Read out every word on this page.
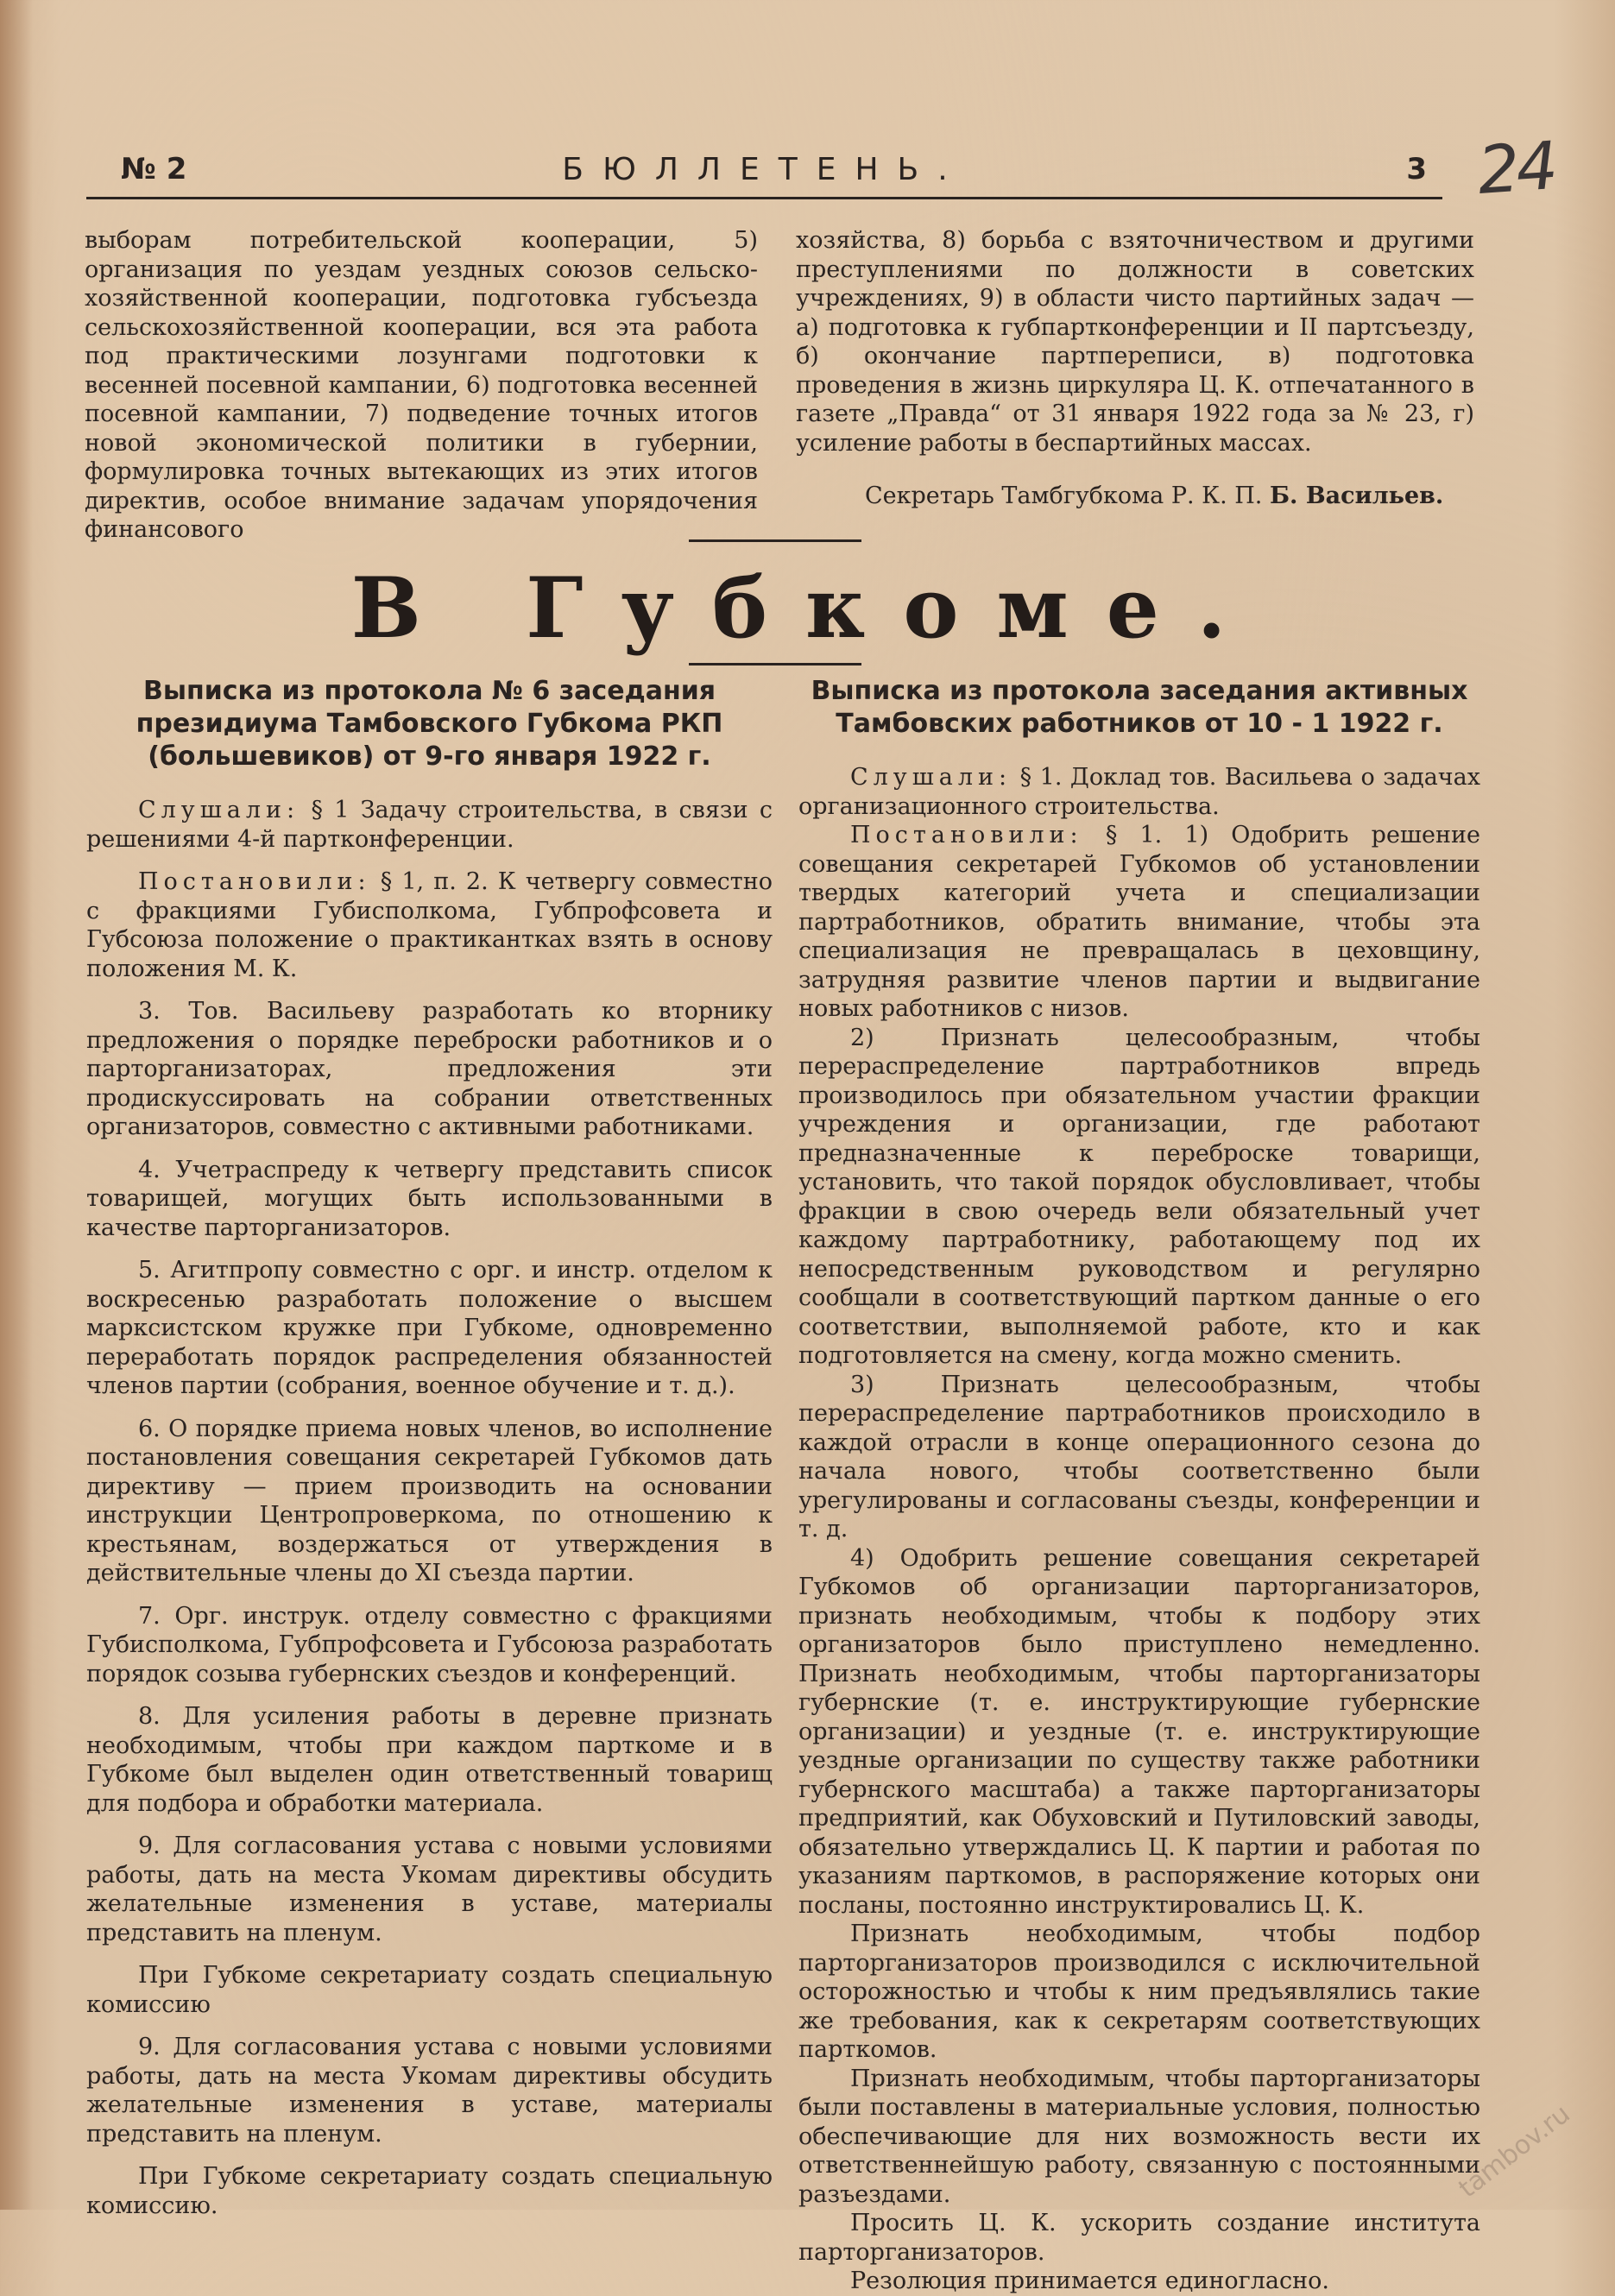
24
№ 2	БЮЛЛЕТЕНЬ.	3

выборам потребительской кооперации, 5) организация по уездам уездных союзов сельско-хозяйственной кооперации, подготовка губсъезда сельскохозяйственной кооперации, вся эта работа под практическими лозунгами подготовки к весенней посевной кампании, 6) подготовка весенней посевной кампании, 7) подведение точных итогов новой экономической политики в губернии, формулировка точных вытекающих из этих итогов директив, особое внимание задачам упорядочения финансового

хозяйства, 8) борьба с взяточничеством и другими преступлениями по должности в советских учреждениях, 9) в области чисто партийных задач — а) подготовка к губпартконференции и II партсъезду, б) окончание партпереписи, в) подготовка проведения в жизнь циркуляра Ц. К. отпечатанного в газете „Правда“ от 31 января 1922 года за № 23, г) усиление работы в беспартийных массах.

Секретарь Тамбгубкома Р. К. П. Б. Васильев.

В Губкоме.

Выписка из протокола № 6 заседания президиума Тамбовского Губкома РКП (большевиков) от 9-го января 1922 г.

Слушали: § 1 Задачу строительства, в связи с решениями 4-й партконференции.

Постановили: § 1, п. 2. К четвергу совместно с фракциями Губисполкома, Губпрофсовета и Губсоюза положение о практикантках взять в основу положения М. К.

3. Тов. Васильеву разработать ко вторнику предложения о порядке переброски работников и о парторганизаторах, предложения эти продискуссировать на собрании ответственных организаторов, совместно с активными работниками.

4. Учетраспреду к четвергу представить список товарищей, могущих быть использованными в качестве парторганизаторов.

5. Агитпропу совместно с орг. и инстр. отделом к воскресенью разработать положение о высшем марксистском кружке при Губкоме, одновременно переработать порядок распределения обязанностей членов партии (собрания, военное обучение и т. д.).

6. О порядке приема новых членов, во исполнение постановления совещания секретарей Губкомов дать директиву — прием производить на основании инструкции Центропроверкома, по отношению к крестьянам, воздержаться от утверждения в действительные члены до XI съезда партии.

7. Орг. инструк. отделу совместно с фракциями Губисполкома, Губпрофсовета и Губсоюза разработать порядок созыва губернских съездов и конференций.

8. Для усиления работы в деревне признать необходимым, чтобы при каждом парткоме и в Губкоме был выделен один ответственный товарищ для подбора и обработки материала.

9. Для согласования устава с новыми условиями работы, дать на места Укомам директивы обсудить желательные изменения в уставе, материалы представить на пленум.

При Губкоме секретариату создать специальную комиссию

9. Для согласования устава с новыми условиями работы, дать на места Укомам директивы обсудить желательные изменения в уставе, материалы представить на пленум.

При Губкоме секретариату создать специальную комиссию.

Выписка из протокола заседания активных Тамбовских работников от 10 - 1 1922 г.

Слушали: § 1. Доклад тов. Васильева о задачах организационного строительства.

Постановили: § 1. 1) Одобрить решение совещания секретарей Губкомов об установлении твердых категорий учета и специализации партработников, обратить внимание, чтобы эта специализация не превращалась в цеховщину, затрудняя развитие членов партии и выдвигание новых работников с низов.

2) Признать целесообразным, чтобы перераспределение партработников впредь производилось при обязательном участии фракции учреждения и организации, где работают предназначенные к переброске товарищи, установить, что такой порядок обусловливает, чтобы фракции в свою очередь вели обязательный учет каждому партработнику, работающему под их непосредственным руководством и регулярно сообщали в соответствующий партком данные о его соответствии, выполняемой работе, кто и как подготовляется на смену, когда можно сменить.

3) Признать целесообразным, чтобы перераспределение партработников происходило в каждой отрасли в конце операционного сезона до начала нового, чтобы соответственно были урегулированы и согласованы съезды, конференции и т. д.

4) Одобрить решение совещания секретарей Губкомов об организации парторганизаторов, признать необходимым, чтобы к подбору этих организаторов было приступлено немедленно. Признать необходимым, чтобы парторганизаторы губернские (т. е. инструктирующие губернские организации) и уездные (т. е. инструктирующие уездные организации по существу также работники губернского масштаба) а также парторганизаторы предприятий, как Обуховский и Путиловский заводы, обязательно утверждались Ц. К партии и работая по указаниям парткомов, в распоряжение которых они посланы, постоянно инструктировались Ц. К.

Признать необходимым, чтобы подбор парторганизаторов производился с исключительной осторожностью и чтобы к ним предъявлялись такие же требования, как к секретарям соответствующих парткомов.

Признать необходимым, чтобы парторганизаторы были поставлены в материальные условия, полностью обеспечивающие для них возможность вести их ответственнейшую работу, связанную с постоянными разъездами.

Просить Ц. К. ускорить создание института парторганизаторов.

Резолюция принимается единогласно.

tambov.ru
